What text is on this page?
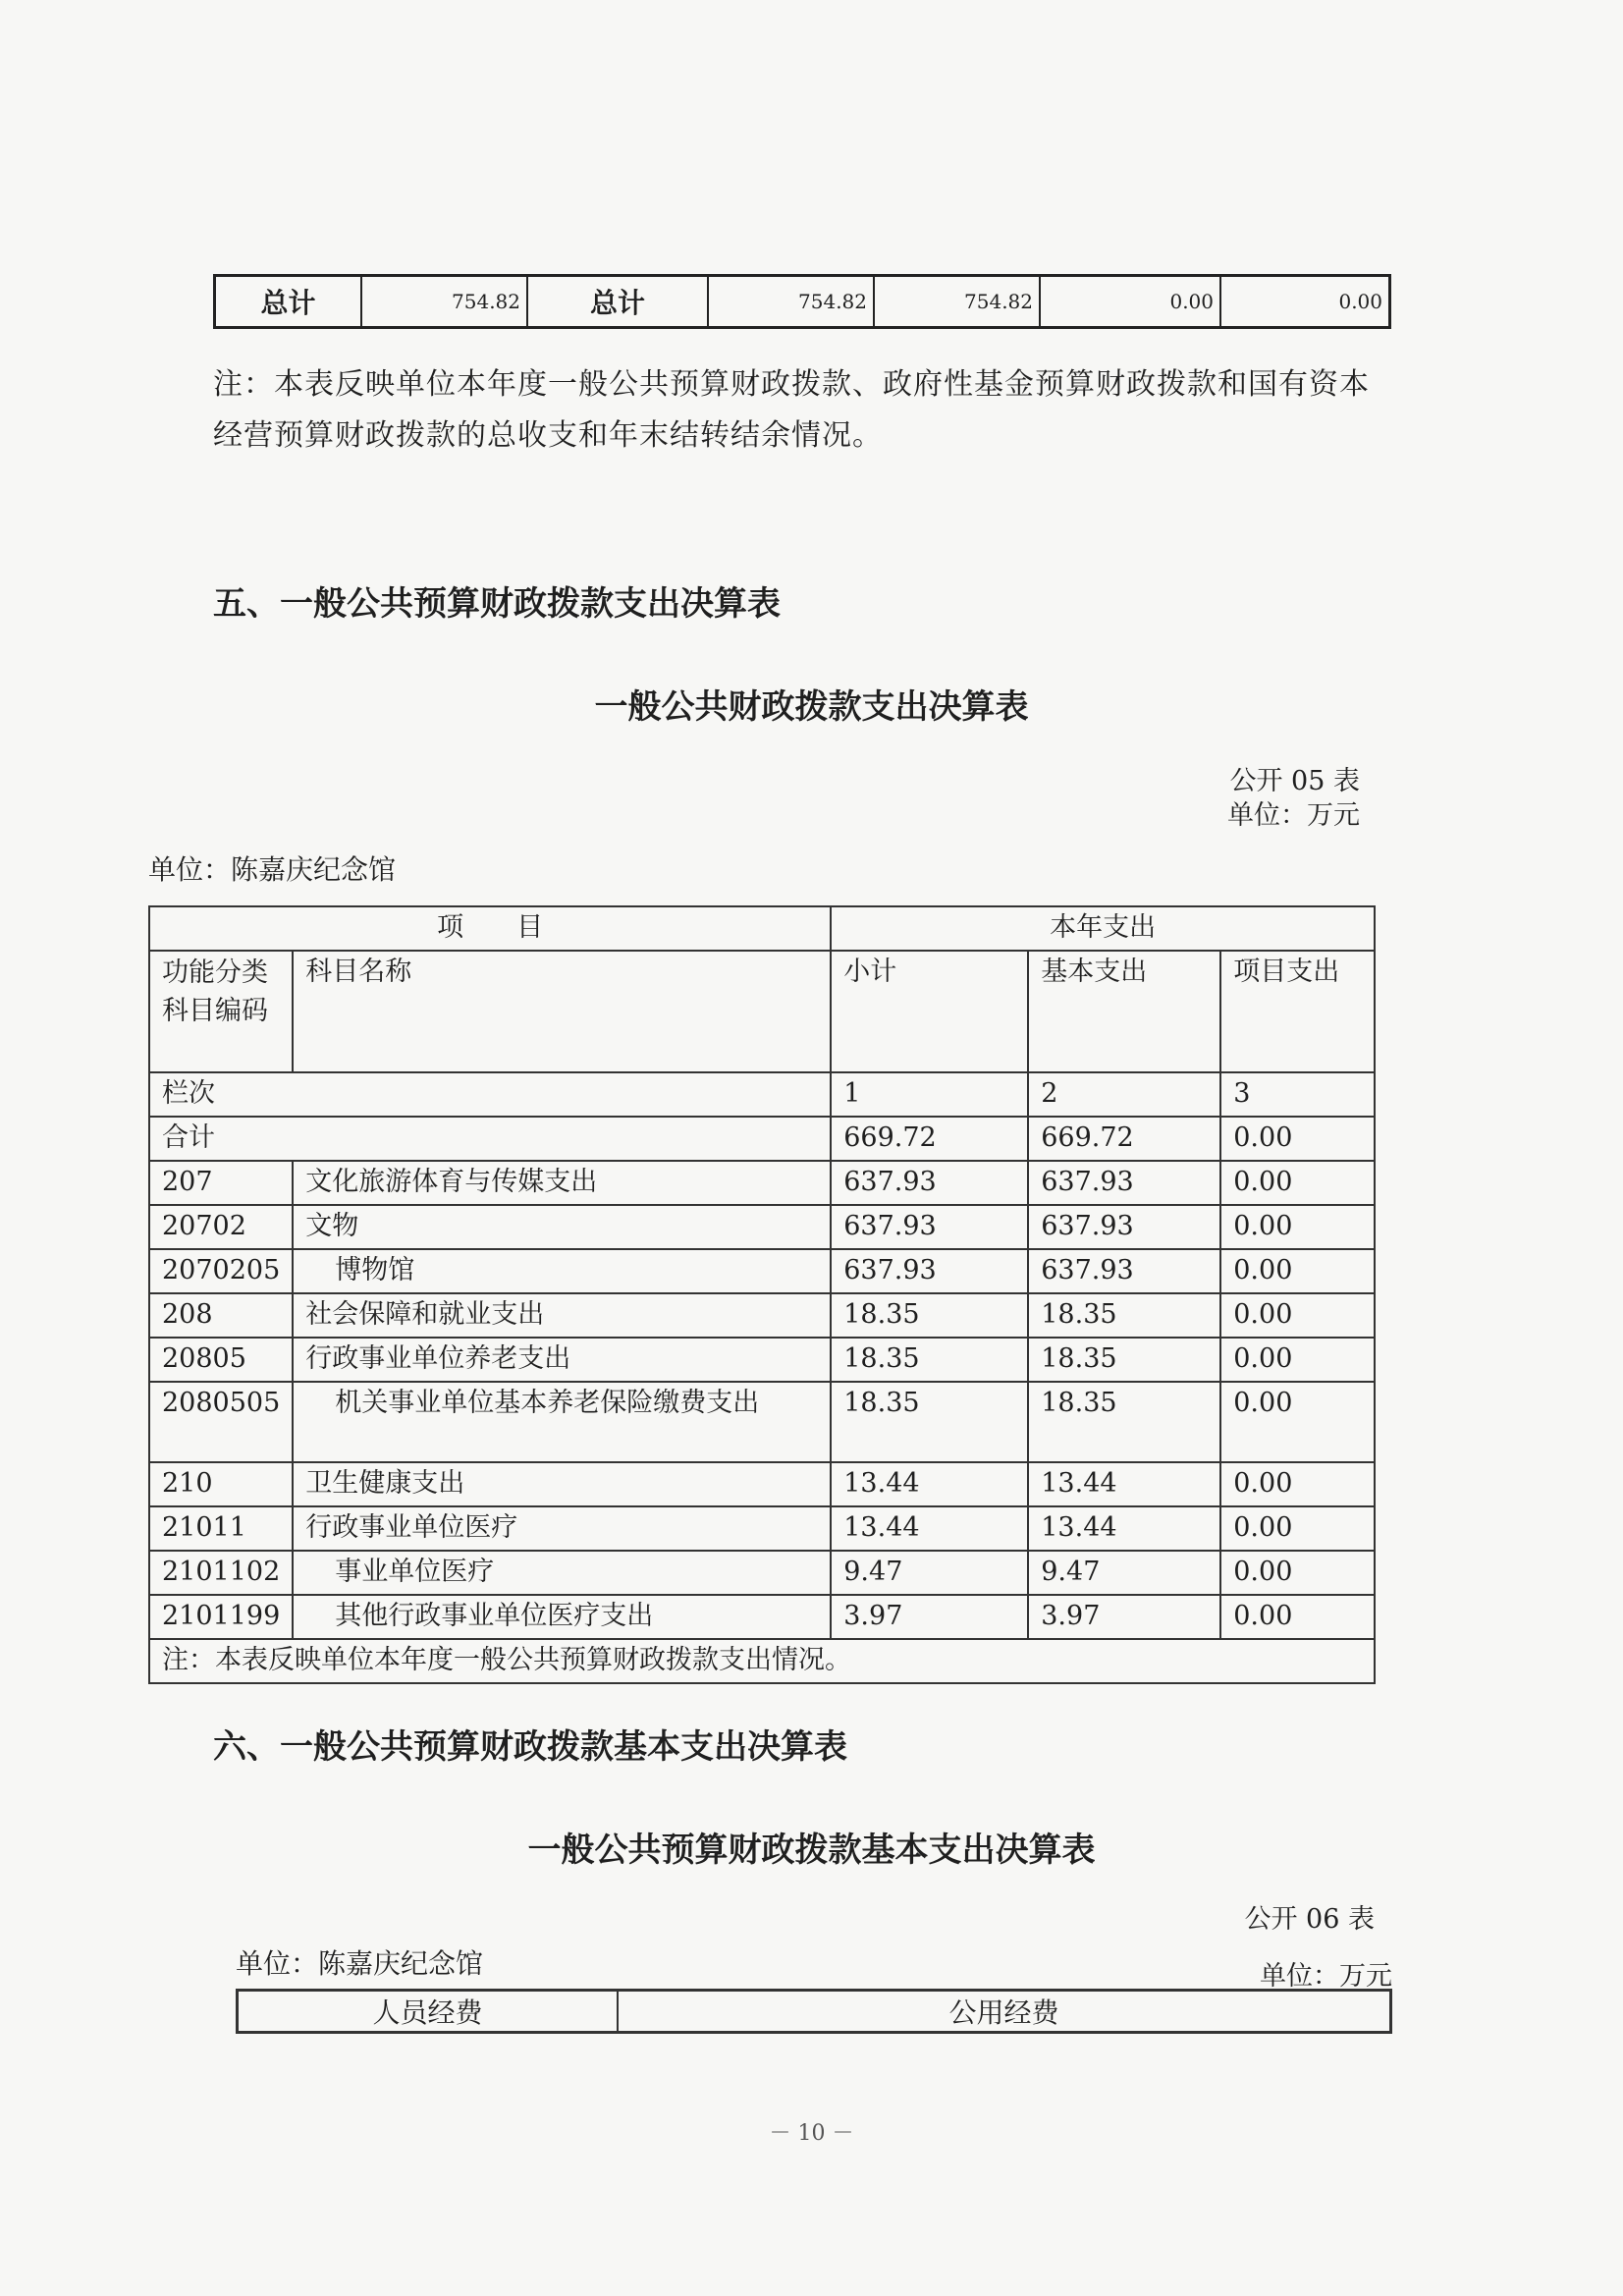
总计	754.82	总计	754.82	754.82	0.00	0.00
注：本表反映单位本年度一般公共预算财政拨款、政府性基金预算财政拨款和国有资本经营预算财政拨款的总收支和年末结转结余情况。
五、一般公共预算财政拨款支出决算表
一般公共财政拨款支出决算表
公开 05 表
单位：万元
单位：陈嘉庆纪念馆
项　　目		本年支出		
功能分类科目编码	科目名称	小计	基本支出	项目支出
栏次		1	2	3
合计		669.72	669.72	0.00
207	文化旅游体育与传媒支出	637.93	637.93	0.00
20702	文物	637.93	637.93	0.00
2070205	博物馆	637.93	637.93	0.00
208	社会保障和就业支出	18.35	18.35	0.00
20805	行政事业单位养老支出	18.35	18.35	0.00
2080505	机关事业单位基本养老保险缴费支出	18.35	18.35	0.00
210	卫生健康支出	13.44	13.44	0.00
21011	行政事业单位医疗	13.44	13.44	0.00
2101102	事业单位医疗	9.47	9.47	0.00
2101199	其他行政事业单位医疗支出	3.97	3.97	0.00
注：本表反映单位本年度一般公共预算财政拨款支出情况。				
六、一般公共预算财政拨款基本支出决算表
一般公共预算财政拨款基本支出决算表
公开 06 表
单位：陈嘉庆纪念馆	单位：万元
人员经费	公用经费
－ 10 －
